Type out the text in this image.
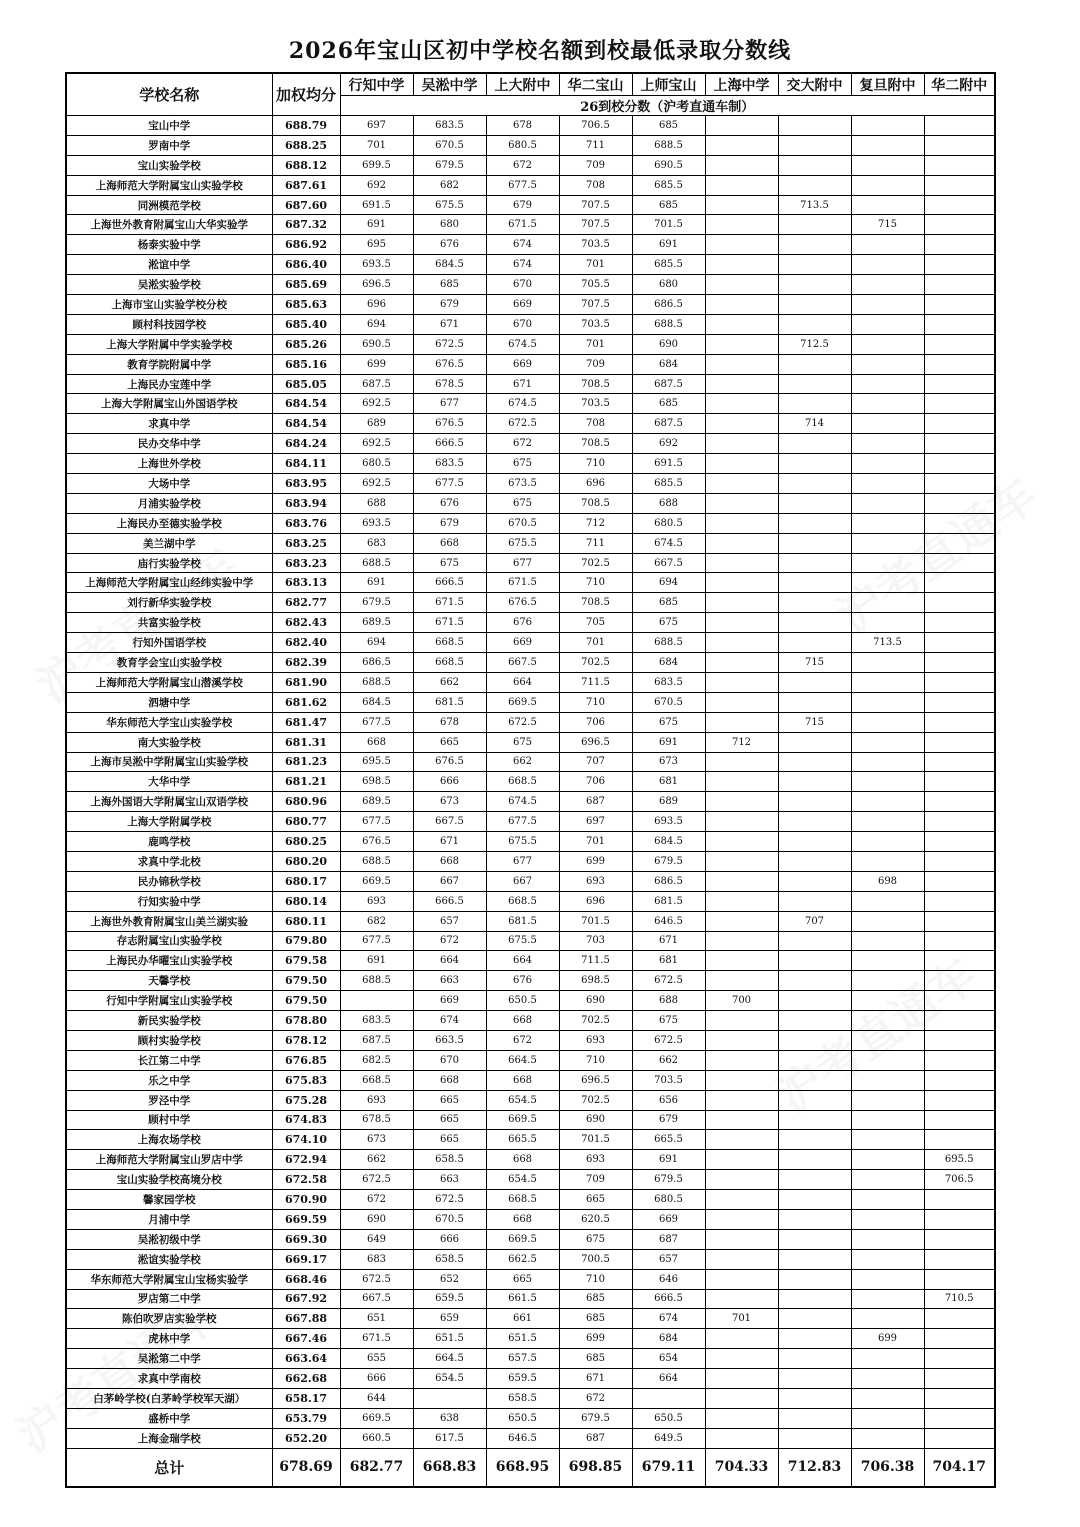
2026年宝山区初中学校名额到校最低录取分数线
学校名称	加权均分	行知中学	吴淞中学	上大附中	华二宝山	上师宝山	上海中学	交大附中	复旦附中	华二附中
		26到校分数（沪考直通车制）								
宝山中学	688.79	697	683.5	678	706.5	685				
罗南中学	688.25	701	670.5	680.5	711	688.5				
宝山实验学校	688.12	699.5	679.5	672	709	690.5				
上海师范大学附属宝山实验学校	687.61	692	682	677.5	708	685.5				
同洲模范学校	687.60	691.5	675.5	679	707.5	685		713.5		
上海世外教育附属宝山大华实验学	687.32	691	680	671.5	707.5	701.5			715	
杨泰实验中学	686.92	695	676	674	703.5	691				
淞谊中学	686.40	693.5	684.5	674	701	685.5				
吴淞实验学校	685.69	696.5	685	670	705.5	680				
上海市宝山实验学校分校	685.63	696	679	669	707.5	686.5				
顾村科技园学校	685.40	694	671	670	703.5	688.5				
上海大学附属中学实验学校	685.26	690.5	672.5	674.5	701	690		712.5		
教育学院附属中学	685.16	699	676.5	669	709	684				
上海民办宝莲中学	685.05	687.5	678.5	671	708.5	687.5				
上海大学附属宝山外国语学校	684.54	692.5	677	674.5	703.5	685				
求真中学	684.54	689	676.5	672.5	708	687.5		714		
民办交华中学	684.24	692.5	666.5	672	708.5	692				
上海世外学校	684.11	680.5	683.5	675	710	691.5				
大场中学	683.95	692.5	677.5	673.5	696	685.5				
月浦实验学校	683.94	688	676	675	708.5	688				
上海民办至德实验学校	683.76	693.5	679	670.5	712	680.5				
美兰湖中学	683.25	683	668	675.5	711	674.5				
庙行实验学校	683.23	688.5	675	677	702.5	667.5				
上海师范大学附属宝山经纬实验中学	683.13	691	666.5	671.5	710	694				
刘行新华实验学校	682.77	679.5	671.5	676.5	708.5	685				
共富实验学校	682.43	689.5	671.5	676	705	675				
行知外国语学校	682.40	694	668.5	669	701	688.5			713.5	
教育学会宝山实验学校	682.39	686.5	668.5	667.5	702.5	684		715		
上海师范大学附属宝山潜溪学校	681.90	688.5	662	664	711.5	683.5				
泗塘中学	681.62	684.5	681.5	669.5	710	670.5				
华东师范大学宝山实验学校	681.47	677.5	678	672.5	706	675		715		
南大实验学校	681.31	668	665	675	696.5	691	712			
上海市吴淞中学附属宝山实验学校	681.23	695.5	676.5	662	707	673				
大华中学	681.21	698.5	666	668.5	706	681				
上海外国语大学附属宝山双语学校	680.96	689.5	673	674.5	687	689				
上海大学附属学校	680.77	677.5	667.5	677.5	697	693.5				
鹿鸣学校	680.25	676.5	671	675.5	701	684.5				
求真中学北校	680.20	688.5	668	677	699	679.5				
民办锦秋学校	680.17	669.5	667	667	693	686.5			698	
行知实验中学	680.14	693	666.5	668.5	696	681.5				
上海世外教育附属宝山美兰湖实验	680.11	682	657	681.5	701.5	646.5		707		
存志附属宝山实验学校	679.80	677.5	672	675.5	703	671				
上海民办华曜宝山实验学校	679.58	691	664	664	711.5	681				
天馨学校	679.50	688.5	663	676	698.5	672.5				
行知中学附属宝山实验学校	679.50		669	650.5	690	688	700			
新民实验学校	678.80	683.5	674	668	702.5	675				
顾村实验学校	678.12	687.5	663.5	672	693	672.5				
长江第二中学	676.85	682.5	670	664.5	710	662				
乐之中学	675.83	668.5	668	668	696.5	703.5				
罗泾中学	675.28	693	665	654.5	702.5	656				
顾村中学	674.83	678.5	665	669.5	690	679				
上海农场学校	674.10	673	665	665.5	701.5	665.5				
上海师范大学附属宝山罗店中学	672.94	662	658.5	668	693	691				695.5
宝山实验学校高境分校	672.58	672.5	663	654.5	709	679.5				706.5
馨家园学校	670.90	672	672.5	668.5	665	680.5				
月浦中学	669.59	690	670.5	668	620.5	669				
吴淞初级中学	669.30	649	666	669.5	675	687				
淞谊实验学校	669.17	683	658.5	662.5	700.5	657				
华东师范大学附属宝山宝杨实验学	668.46	672.5	652	665	710	646				
罗店第二中学	667.92	667.5	659.5	661.5	685	666.5				710.5
陈伯吹罗店实验学校	667.88	651	659	661	685	674	701			
虎林中学	667.46	671.5	651.5	651.5	699	684			699	
吴淞第二中学	663.64	655	664.5	657.5	685	654				
求真中学南校	662.68	666	654.5	659.5	671	664				
白茅岭学校(白茅岭学校军天湖）	658.17	644		658.5	672					
盛桥中学	653.79	669.5	638	650.5	679.5	650.5				
上海金瑞学校	652.20	660.5	617.5	646.5	687	649.5				
总计	678.69	682.77	668.83	668.95	698.85	679.11	704.33	712.83	706.38	704.17
